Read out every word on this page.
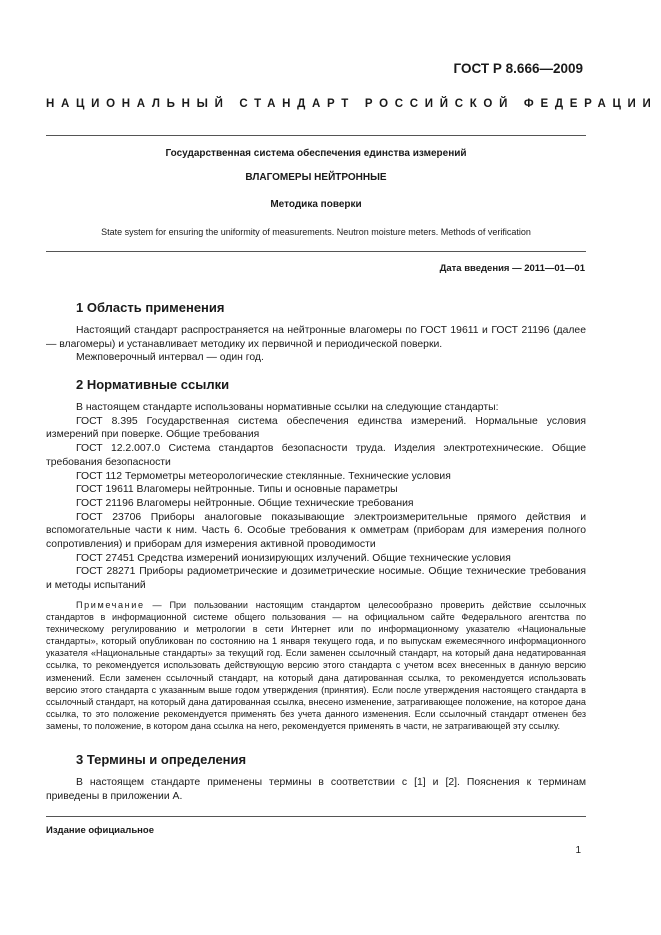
ГОСТ Р 8.666—2009
НАЦИОНАЛЬНЫЙ СТАНДАРТ РОССИЙСКОЙ ФЕДЕРАЦИИ
Государственная система обеспечения единства измерений
ВЛАГОМЕРЫ НЕЙТРОННЫЕ
Методика поверки
State system for ensuring the uniformity of measurements. Neutron moisture meters. Methods of verification
Дата введения — 2011—01—01
1 Область применения

Настоящий стандарт распространяется на нейтронные влагомеры по ГОСТ 19611 и ГОСТ 21196 (далее — влагомеры) и устанавливает методику их первичной и периодической поверки.

Межповерочный интервал — один год.

2 Нормативные ссылки

В настоящем стандарте использованы нормативные ссылки на следующие стандарты:

ГОСТ 8.395 Государственная система обеспечения единства измерений. Нормальные условия измерений при поверке. Общие требования

ГОСТ 12.2.007.0 Система стандартов безопасности труда. Изделия электротехнические. Общие требования безопасности

ГОСТ 112 Термометры метеорологические стеклянные. Технические условия

ГОСТ 19611 Влагомеры нейтронные. Типы и основные параметры

ГОСТ 21196 Влагомеры нейтронные. Общие технические требования

ГОСТ 23706 Приборы аналоговые показывающие электроизмерительные прямого действия и вспомогательные части к ним. Часть 6. Особые требования к омметрам (приборам для измерения полного сопротивления) и приборам для измерения активной проводимости

ГОСТ 27451 Средства измерений ионизирующих излучений. Общие технические условия

ГОСТ 28271 Приборы радиометрические и дозиметрические носимые. Общие технические требования и методы испытаний

Примечание — При пользовании настоящим стандартом целесообразно проверить действие ссылочных стандартов в информационной системе общего пользования — на официальном сайте Федерального агентства по техническому регулированию и метрологии в сети Интернет или по информационному указателю «Национальные стандарты», который опубликован по состоянию на 1 января текущего года, и по выпускам ежемесячного информационного указателя «Национальные стандарты» за текущий год. Если заменен ссылочный стандарт, на который дана недатированная ссылка, то рекомендуется использовать действующую версию этого стандарта с учетом всех внесенных в данную версию изменений. Если заменен ссылочный стандарт, на который дана датированная ссылка, то рекомендуется использовать версию этого стандарта с указанным выше годом утверждения (принятия). Если после утверждения настоящего стандарта в ссылочный стандарт, на который дана датированная ссылка, внесено изменение, затрагивающее положение, на которое дана ссылка, то это положение рекомендуется применять без учета данного изменения. Если ссылочный стандарт отменен без замены, то положение, в котором дана ссылка на него, рекомендуется применять в части, не затрагивающей эту ссылку.

3 Термины и определения

В настоящем стандарте применены термины в соответствии с [1] и [2]. Пояснения к терминам приведены в приложении А.

Издание официальное
1
